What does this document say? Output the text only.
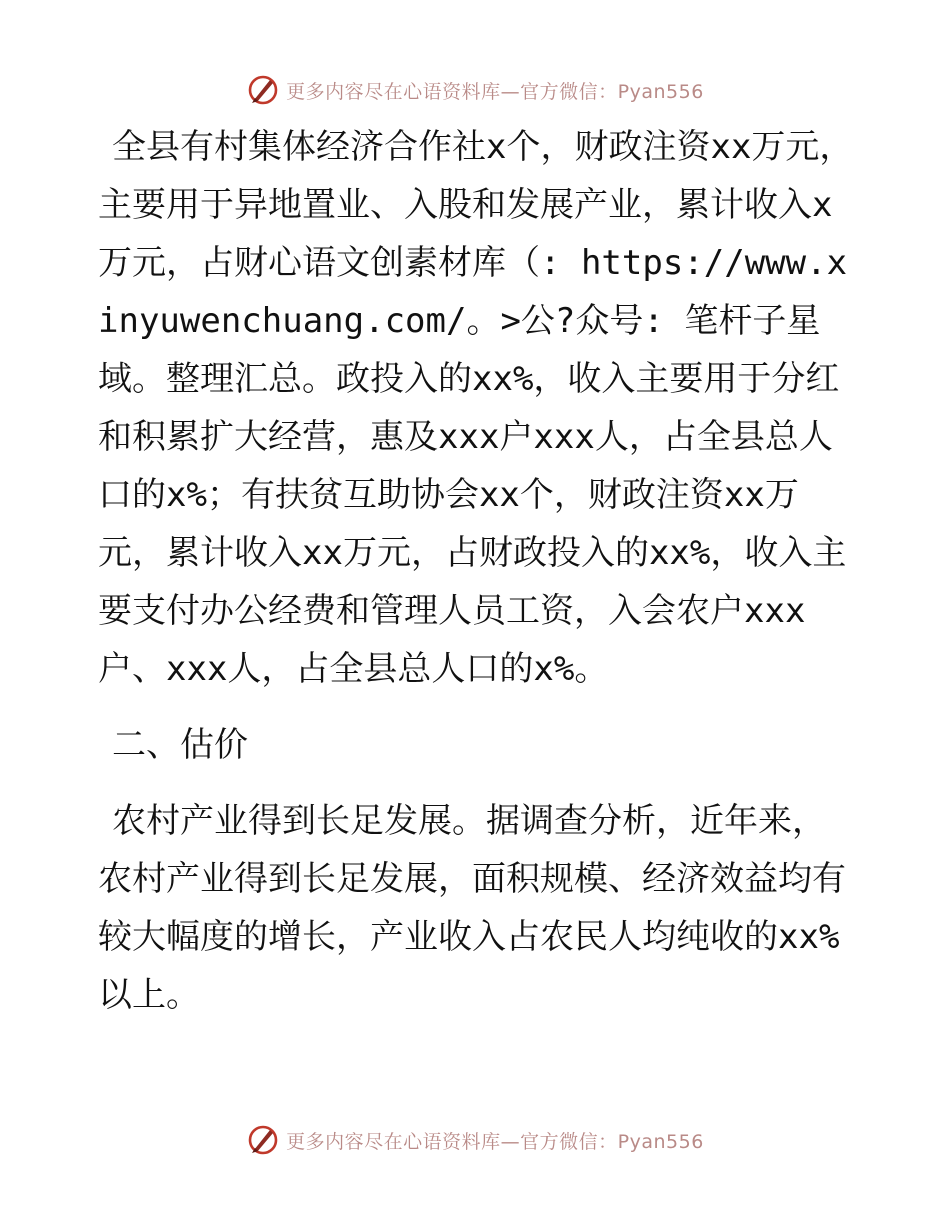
更多内容尽在心语资料库—官方微信：Pyan556

全县有村集体经济合作社x个，财政注资xx万元，主要用于异地置业、入股和发展产业，累计收入x万元，占财心语文创素材库（: https://www.xinyuwenchuang.com/。>公?众号: 笔杆子星域。整理汇总。政投入的xx%，收入主要用于分红和积累扩大经营，惠及xxx户xxx人，占全县总人口的x%；有扶贫互助协会xx个，财政注资xx万元，累计收入xx万元，占财政投入的xx%，收入主要支付办公经费和管理人员工资，入会农户xxx户、xxx人，占全县总人口的x%。

二、估价

农村产业得到长足发展。据调查分析，近年来，农村产业得到长足发展，面积规模、经济效益均有较大幅度的增长，产业收入占农民人均纯收的xx%以上。

更多内容尽在心语资料库—官方微信：Pyan556
